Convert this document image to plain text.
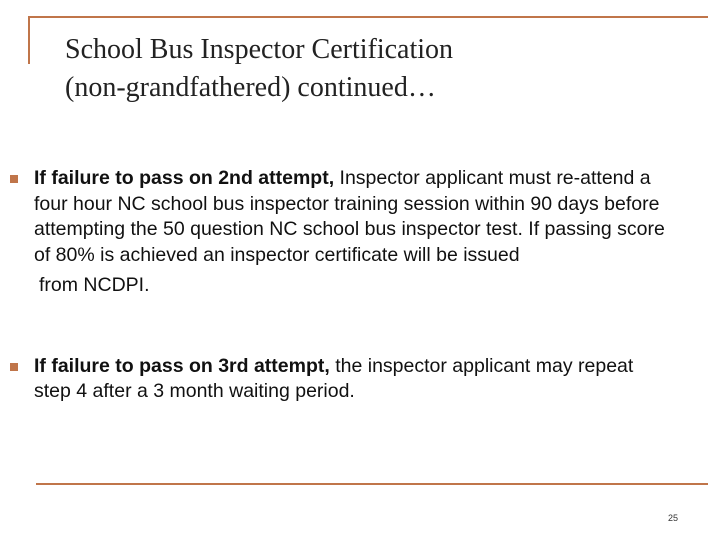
School Bus Inspector Certification
(non-grandfathered) continued…
If failure to pass on 2nd attempt, Inspector applicant must re-attend a four hour NC school bus inspector training session within 90 days before attempting the 50 question NC school bus inspector test. If passing score of 80% is achieved an inspector certificate will be issued
from NCDPI.
If failure to pass on 3rd attempt, the inspector applicant may repeat step 4 after a 3 month waiting period.
25
